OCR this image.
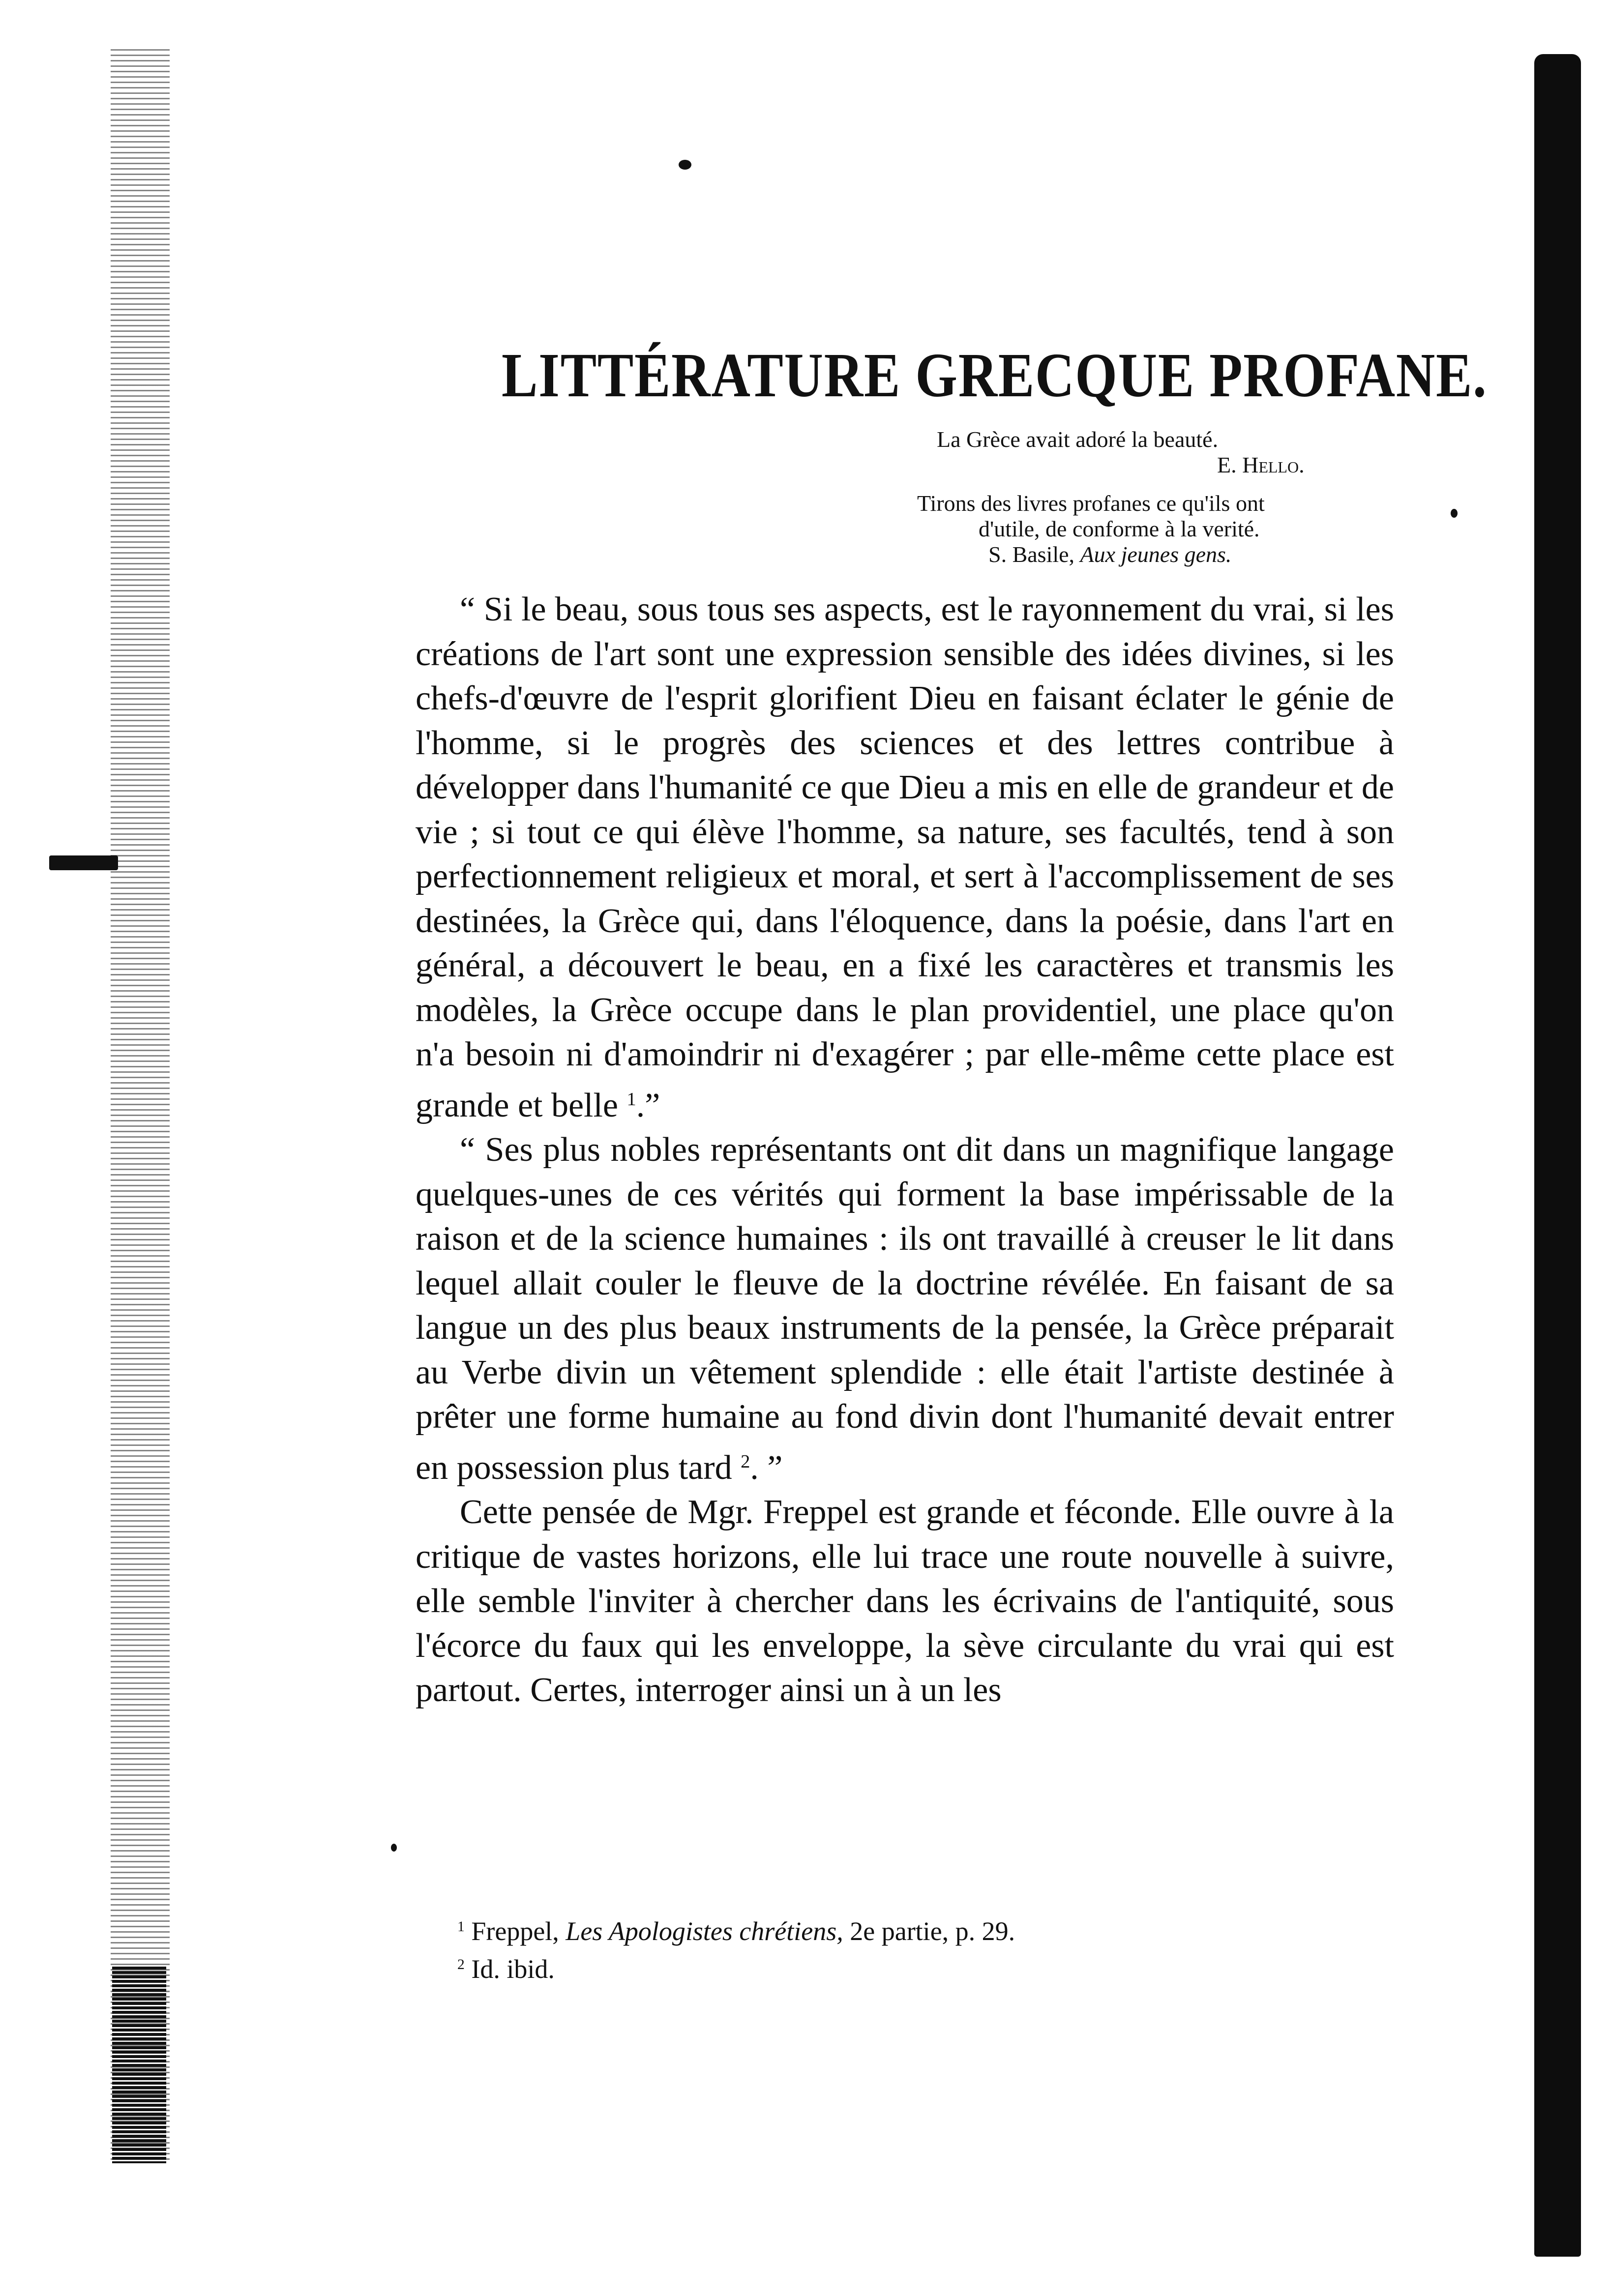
LITTÉRATURE GRECQUE PROFANE.
La Grèce avait adoré la beauté.
E. Hello.
Tirons des livres profanes ce qu'ils ont
d'utile, de conforme à la verité.
S. Basile, Aux jeunes gens.

“ Si le beau, sous tous ses aspects, est le rayonnement du vrai, si les créations de l'art sont une expression sensible des idées divines, si les chefs-d'œuvre de l'esprit glorifient Dieu en faisant éclater le génie de l'homme, si le progrès des sciences et des lettres contribue à développer dans l'humanité ce que Dieu a mis en elle de grandeur et de vie ; si tout ce qui élève l'homme, sa nature, ses facultés, tend à son perfectionnement religieux et moral, et sert à l'accomplissement de ses destinées, la Grèce qui, dans l'éloquence, dans la poésie, dans l'art en général, a découvert le beau, en a fixé les caractères et transmis les modèles, la Grèce occupe dans le plan providentiel, une place qu'on n'a besoin ni d'amoindrir ni d'exagérer ; par elle-même cette place est grande et belle $^1$.”

“ Ses plus nobles représentants ont dit dans un magnifique langage quelques-unes de ces vérités qui forment la base impérissable de la raison et de la science humaines : ils ont travaillé à creuser le lit dans lequel allait couler le fleuve de la doctrine révélée. En faisant de sa langue un des plus beaux instruments de la pensée, la Grèce préparait au Verbe divin un vêtement splendide : elle était l'artiste destinée à prêter une forme humaine au fond divin dont l'humanité devait entrer en possession plus tard $^2$. ”

Cette pensée de Mgr. Freppel est grande et féconde. Elle ouvre à la critique de vastes horizons, elle lui trace une route nouvelle à suivre, elle semble l'inviter à chercher dans les écrivains de l'antiquité, sous l'écorce du faux qui les enveloppe, la sève circulante du vrai qui est partout. Certes, interroger ainsi un à un les

$^1$ Freppel, Les Apologistes chrétiens, 2e partie, p. 29.
$^2$ Id. ibid.
